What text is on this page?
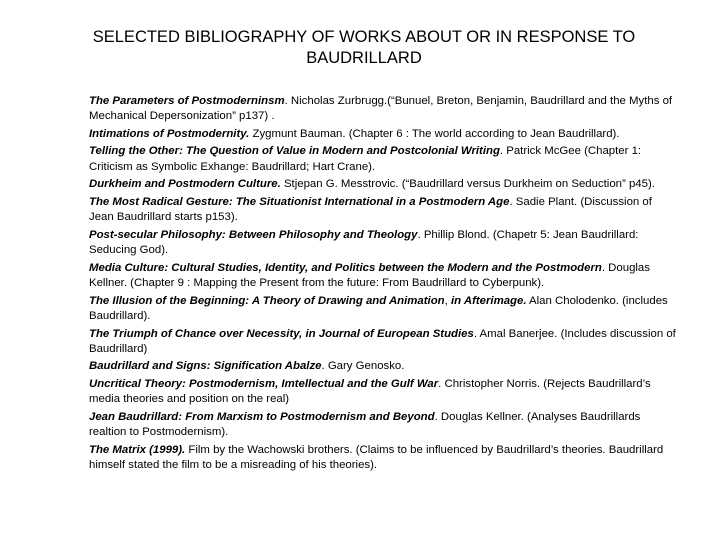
SELECTED BIBLIOGRAPHY OF WORKS ABOUT OR IN RESPONSE TO BAUDRILLARD

The Parameters of Postmoderninsm. Nicholas Zurbrugg.(“Bunuel, Breton, Benjamin, Baudrillard and the Myths of Mechanical Depersonization” p137) .

Intimations of Postmodernity. Zygmunt Bauman. (Chapter 6 : The world according to Jean Baudrillard).

Telling the Other: The Question of Value in Modern and Postcolonial Writing. Patrick McGee (Chapter 1: Criticism as Symbolic Exhange: Baudrillard; Hart Crane).

Durkheim and Postmodern Culture. Stjepan G. Messtrovic. (“Baudrillard versus Durkheim on Seduction” p45).

The Most Radical Gesture: The Situationist International in a Postmodern Age. Sadie Plant. (Discussion of Jean Baudrillard starts p153).

Post-secular Philosophy: Between Philosophy and Theology. Phillip Blond. (Chapetr 5: Jean Baudrillard: Seducing God).

Media Culture: Cultural Studies, Identity, and Politics between the Modern and the Postmodern. Douglas Kellner. (Chapter 9 : Mapping the Present from the future: From Baudrillard to Cyberpunk).

The Illusion of the Beginning: A Theory of Drawing and Animation, in Afterimage. Alan Cholodenko. (includes Baudrillard).

The Triumph of Chance over Necessity, in Journal of European Studies. Amal Banerjee. (Includes discussion of Baudrillard)

Baudrillard and Signs: Signification Abalze. Gary Genosko.

Uncritical Theory: Postmodernism, Imtellectual and the Gulf War. Christopher Norris. (Rejects Baudrillard’s media theories and position on the real)

Jean Baudrillard: From Marxism to Postmodernism and Beyond. Douglas Kellner. (Analyses Baudrillards realtion to Postmodernism).

The Matrix (1999). Film by the Wachowski brothers. (Claims to be influenced by Baudrillard’s theories. Baudrillard himself stated the film to be a misreading of his theories).
